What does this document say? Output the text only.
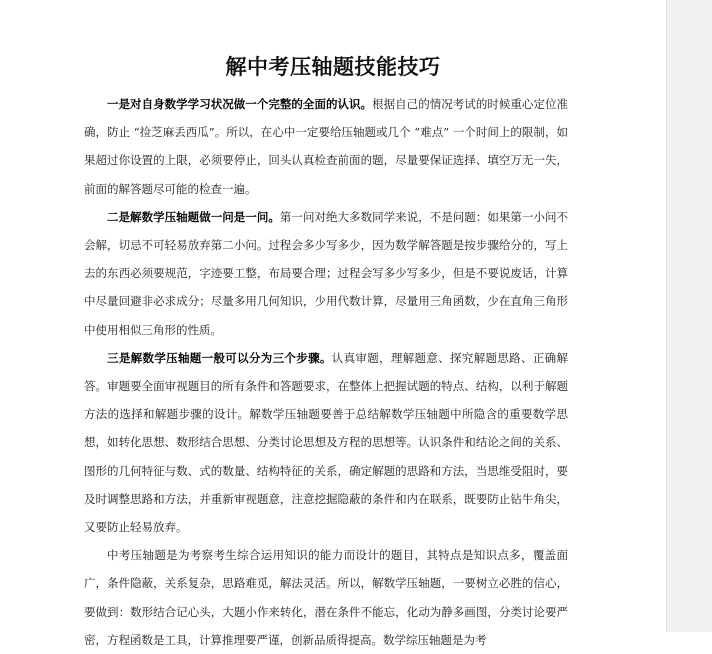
解中考压轴题技能技巧

一是对自身数学学习状况做一个完整的全面的认识。根据自己的情况考试的时候重心定位准确，防止 “捡芝麻丢西瓜”。所以，在心中一定要给压轴题或几个 “难点” 一个时间上的限制，如果超过你设置的上限，必须要停止，回头认真检查前面的题，尽量要保证选择、填空万无一失，前面的解答题尽可能的检查一遍。

二是解数学压轴题做一问是一问。第一问对绝大多数同学来说，不是问题：如果第一小问不会解，切忌不可轻易放弃第二小问。过程会多少写多少，因为数学解答题是按步骤给分的，写上去的东西必须要规范，字迹要工整，布局要合理；过程会写多少写多少，但是不要说废话，计算中尽量回避非必求成分；尽量多用几何知识，少用代数计算，尽量用三角函数，少在直角三角形中使用相似三角形的性质。

三是解数学压轴题一般可以分为三个步骤。认真审题，理解题意、探究解题思路、正确解答。审题要全面审视题目的所有条件和答题要求，在整体上把握试题的特点、结构，以利于解题方法的选择和解题步骤的设计。解数学压轴题要善于总结解数学压轴题中所隐含的重要数学思想，如转化思想、数形结合思想、分类讨论思想及方程的思想等。认识条件和结论之间的关系、图形的几何特征与数、式的数量、结构特征的关系，确定解题的思路和方法，当思维受阻时，要及时调整思路和方法，并重新审视题意，注意挖掘隐蔽的条件和内在联系，既要防止钻牛角尖，又要防止轻易放弃。

中考压轴题是为考察考生综合运用知识的能力而设计的题目，其特点是知识点多，覆盖面广，条件隐蔽，关系复杂，思路难觅，解法灵活。所以，解数学压轴题，一要树立必胜的信心，要做到：数形结合记心头，大题小作来转化，潜在条件不能忘，化动为静多画图，分类讨论要严密，方程函数是工具，计算推理要严谨，创新品质得提高。数学综压轴题是为考
